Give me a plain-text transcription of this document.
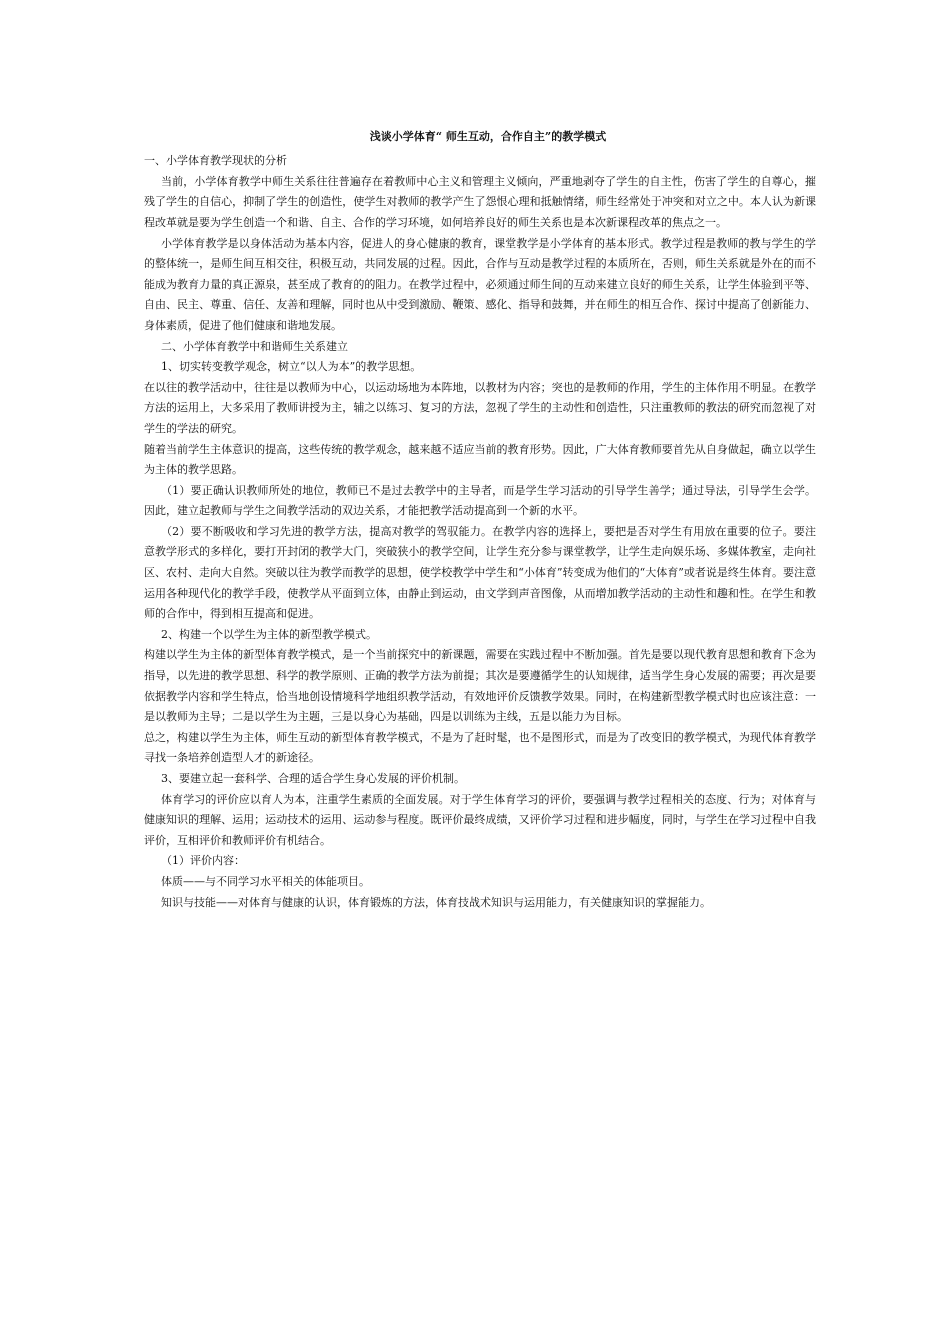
浅谈小学体育“ 师生互动，合作自主”的教学模式

一、小学体育教学现状的分析

当前，小学体育教学中师生关系往往普遍存在着教师中心主义和管理主义倾向，严重地剥夺了学生的自主性，伤害了学生的自尊心，摧残了学生的自信心，抑制了学生的创造性，使学生对教师的教学产生了怨恨心理和抵触情绪，师生经常处于冲突和对立之中。本人认为新课程改革就是要为学生创造一个和谐、自主、合作的学习环境，如何培养良好的师生关系也是本次新课程改革的焦点之一。

小学体育教学是以身体活动为基本内容，促进人的身心健康的教育，课堂教学是小学体育的基本形式。教学过程是教师的教与学生的学的整体统一，是师生间互相交往，积极互动，共同发展的过程。因此，合作与互动是教学过程的本质所在，否则，师生关系就是外在的而不能成为教育力量的真正源泉，甚至成了教育的的阻力。在教学过程中，必须通过师生间的互动来建立良好的师生关系，让学生体验到平等、自由、民主、尊重、信任、友善和理解，同时也从中受到激励、鞭策、感化、指导和鼓舞，并在师生的相互合作、探讨中提高了创新能力、身体素质，促进了他们健康和谐地发展。

二、小学体育教学中和谐师生关系建立

1、切实转变教学观念，树立“以人为本”的教学思想。

在以往的教学活动中，往往是以教师为中心，以运动场地为本阵地，以教材为内容；突也的是教师的作用，学生的主体作用不明显。在教学方法的运用上，大多采用了教师讲授为主，辅之以练习、复习的方法，忽视了学生的主动性和创造性，只注重教师的教法的研究而忽视了对学生的学法的研究。

随着当前学生主体意识的提高，这些传统的教学观念，越来越不适应当前的教育形势。因此，广大体育教师要首先从自身做起，确立以学生为主体的教学思路。

（1）要正确认识教师所处的地位，教师已不是过去教学中的主导者，而是学生学习活动的引导学生善学；通过导法，引导学生会学。因此，建立起教师与学生之间教学活动的双边关系，才能把教学活动提高到一个新的水平。

（2）要不断吸收和学习先进的教学方法，提高对教学的驾驭能力。在教学内容的选择上，要把是否对学生有用放在重要的位子。要注意教学形式的多样化，要打开封闭的教学大门，突破狭小的教学空间，让学生充分参与课堂教学，让学生走向娱乐场、多媒体教室，走向社区、农村、走向大自然。突破以往为教学而教学的思想，使学校教学中学生和“小体育”转变成为他们的“大体育”或者说是终生体育。要注意运用各种现代化的教学手段，使教学从平面到立体，由静止到运动，由文学到声音图像，从而增加教学活动的主动性和趣和性。在学生和教师的合作中，得到相互提高和促进。

2、构建一个以学生为主体的新型教学模式。

构建以学生为主体的新型体育教学模式，是一个当前探究中的新课题，需要在实践过程中不断加强。首先是要以现代教育思想和教育下念为指导，以先进的教学思想、科学的教学原则、正确的教学方法为前提；其次是要遵循学生的认知规律，适当学生身心发展的需要；再次是要依据教学内容和学生特点，恰当地创设情境科学地组织教学活动，有效地评价反馈教学效果。同时，在构建新型教学模式时也应该注意：一是以教师为主导；二是以学生为主题，三是以身心为基础，四是以训练为主线，五是以能力为目标。

总之，构建以学生为主体，师生互动的新型体育教学模式，不是为了赶时髦，也不是图形式，而是为了改变旧的教学模式，为现代体育教学寻找一条培养创造型人才的新途径。

3、要建立起一套科学、合理的适合学生身心发展的评价机制。

体育学习的评价应以育人为本，注重学生素质的全面发展。对于学生体育学习的评价，要强调与教学过程相关的态度、行为；对体育与健康知识的理解、运用；运动技术的运用、运动参与程度。既评价最终成绩，又评价学习过程和进步幅度，同时，与学生在学习过程中自我评价，互相评价和教师评价有机结合。

（1）评价内容：

体质——与不同学习水平相关的体能项目。

知识与技能——对体育与健康的认识，体育锻炼的方法，体育技战术知识与运用能力，有关健康知识的掌握能力。
